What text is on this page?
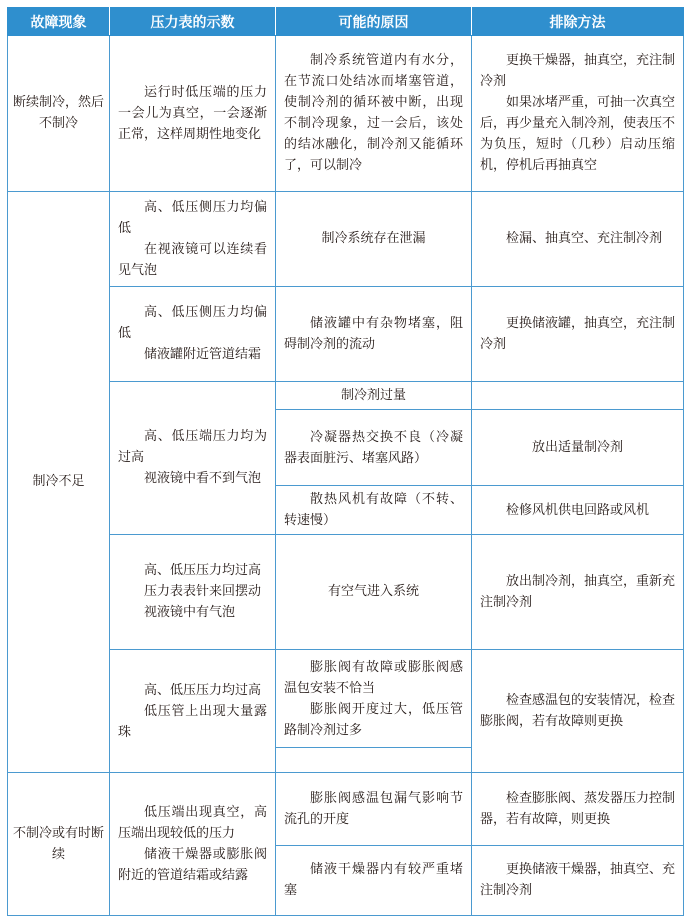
故障现象	压力表的示数	可能的原因	排除方法
断续制冷，然后不制冷	运行时低压端的压力一会儿为真空，一会逐渐正常，这样周期性地变化	制冷系统管道内有水分，在节流口处结冰而堵塞管道，使制冷剂的循环被中断，出现不制冷现象，过一会后，该处的结冰融化，制冷剂又能循环了，可以制冷	更换干燥器，抽真空，充注制冷剂
如果冰堵严重，可抽一次真空后，再少量充入制冷剂，使表压不为负压，短时（几秒）启动压缩机，停机后再抽真空

制冷不足	高、低压侧压力均偏低
在视液镜可以连续看见气泡	制冷系统存在泄漏	检漏、抽真空、充注制冷剂

	高、低压侧压力均偏低
储液罐附近管道结霜	储液罐中有杂物堵塞，阻碍制冷剂的流动	更换储液罐，抽真空，充注制冷剂

	高、低压端压力均为过高
视液镜中看不到气泡	制冷剂过量	

		冷凝器热交换不良（冷凝器表面脏污、堵塞风路）	放出适量制冷剂

		散热风机有故障（不转、转速慢）	检修风机供电回路或风机

	高、低压压力均过高
压力表表针来回摆动
视液镜中有气泡	有空气进入系统	放出制冷剂，抽真空，重新充注制冷剂

	高、低压压力均过高
低压管上出现大量露珠	膨胀阀有故障或膨胀阀感温包安装不恰当
膨胀阀开度过大，低压管路制冷剂过多	检查感温包的安装情况，检查膨胀阀，若有故障则更换

不制冷或有时断续	低压端出现真空，高压端出现较低的压力
储液干燥器或膨胀阀附近的管道结霜或结露	膨胀阀感温包漏气影响节流孔的开度	检查膨胀阀、蒸发器压力控制器，若有故障，则更换

		储液干燥器内有较严重堵塞	更换储液干燥器，抽真空、充注制冷剂
